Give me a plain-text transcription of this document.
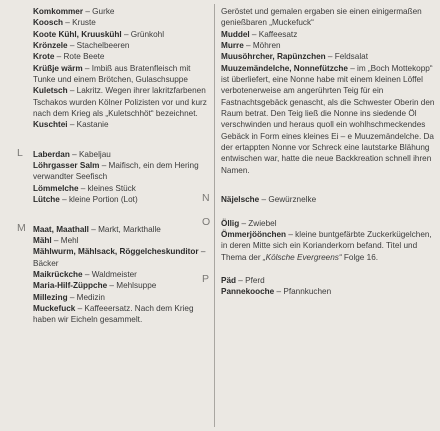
Komkommer – Gurke

Koosch – Kruste

Koote Kühl, Kruuskühl – Grünkohl

Krönzele – Stachelbeeren

Krote – Rote Beete

Krüßje wärm – Imbiß aus Bratenfleisch mit Tunke und einem Brötchen, Gulaschsuppe

Kuletsch – Lakritz. Wegen ihrer lakritzfarbenen Tschakos wurden Kölner Polizisten vor und kurz nach dem Krieg als „Kuletschhöt“ bezeichnet.

Kuschtei – Kastanie

L Laberdan – Kabeljau

Löhrgasser Salm – Maifisch, ein dem Hering verwandter Seefisch

Lömmelche – kleines Stück

Lütche – kleine Portion (Lot)

M Maat, Maathall – Markt, Markthalle

Mähl – Mehl

Mählwurm, Mählsack, Röggelcheskunditor – Bäcker

Maikrückche – Waldmeister

Maria-Hilf-Züppche – Mehlsuppe

Millezing – Medizin

Muckefuck – Kaffeeersatz. Nach dem Krieg haben wir Eicheln gesammelt.

Geröstet und gemalen ergaben sie einen einigermaßen genießbaren „Muckefuck“

Muddel – Kaffeesatz

Murre – Möhren

Muusöhrcher, Rapünzchen – Feldsalat

Muuzemändelche, Nonnefützche – im „Boch Mottekopp“ ist überliefert, eine Nonne habe mit einem kleinen Löffel verbotenerweise am angerührten Teig für ein Fastnachtsgebäck genascht, als die Schwester Oberin den Raum betrat. Den Teig ließ die Nonne ins siedende Öl verschwinden und heraus quoll ein wohlhschmeckendes Gebäck in Form eines kleines Ei – e Muuzemändelche. Da der ertappten Nonne vor Schreck eine lautstarke Blähung entwischen war, hatte die neue Backkreation schnell ihren Namen.

N	Näjelsche – Gewürznelke

O	Öllig – Zwiebel

Ömmerjöönchen – kleine buntgefärbte Zuckerkügelchen, in deren Mitte sich ein Korianderkorn befand. Titel und Thema der „Kölsche Evergreens“ Folge 16.

P	Päd – Pferd

Pannekooche – Pfannkuchen
